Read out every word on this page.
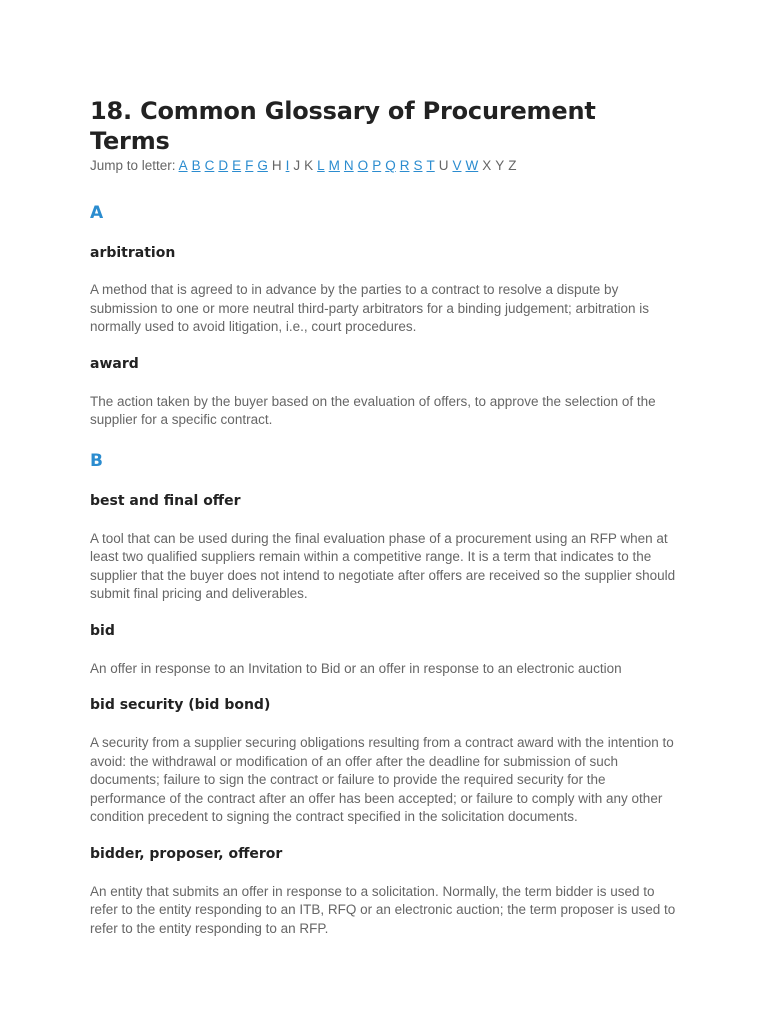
18. Common Glossary of Procurement Terms
Jump to letter: A B C D E F G H I J K L M N O P Q R S T U V W X Y Z
A
arbitration

A method that is agreed to in advance by the parties to a contract to resolve a dispute by submission to one or more neutral third-party arbitrators for a binding judgement; arbitration is normally used to avoid litigation, i.e., court procedures.

award

The action taken by the buyer based on the evaluation of offers, to approve the selection of the supplier for a specific contract.

B
best and final offer

A tool that can be used during the final evaluation phase of a procurement using an RFP when at least two qualified suppliers remain within a competitive range. It is a term that indicates to the supplier that the buyer does not intend to negotiate after offers are received so the supplier should submit final pricing and deliverables.

bid

An offer in response to an Invitation to Bid or an offer in response to an electronic auction

bid security (bid bond)

A security from a supplier securing obligations resulting from a contract award with the intention to avoid: the withdrawal or modification of an offer after the deadline for submission of such documents; failure to sign the contract or failure to provide the required security for the performance of the contract after an offer has been accepted; or failure to comply with any other condition precedent to signing the contract specified in the solicitation documents.

bidder, proposer, offeror

An entity that submits an offer in response to a solicitation. Normally, the term bidder is used to refer to the entity responding to an ITB, RFQ or an electronic auction; the term proposer is used to refer to the entity responding to an RFP.
